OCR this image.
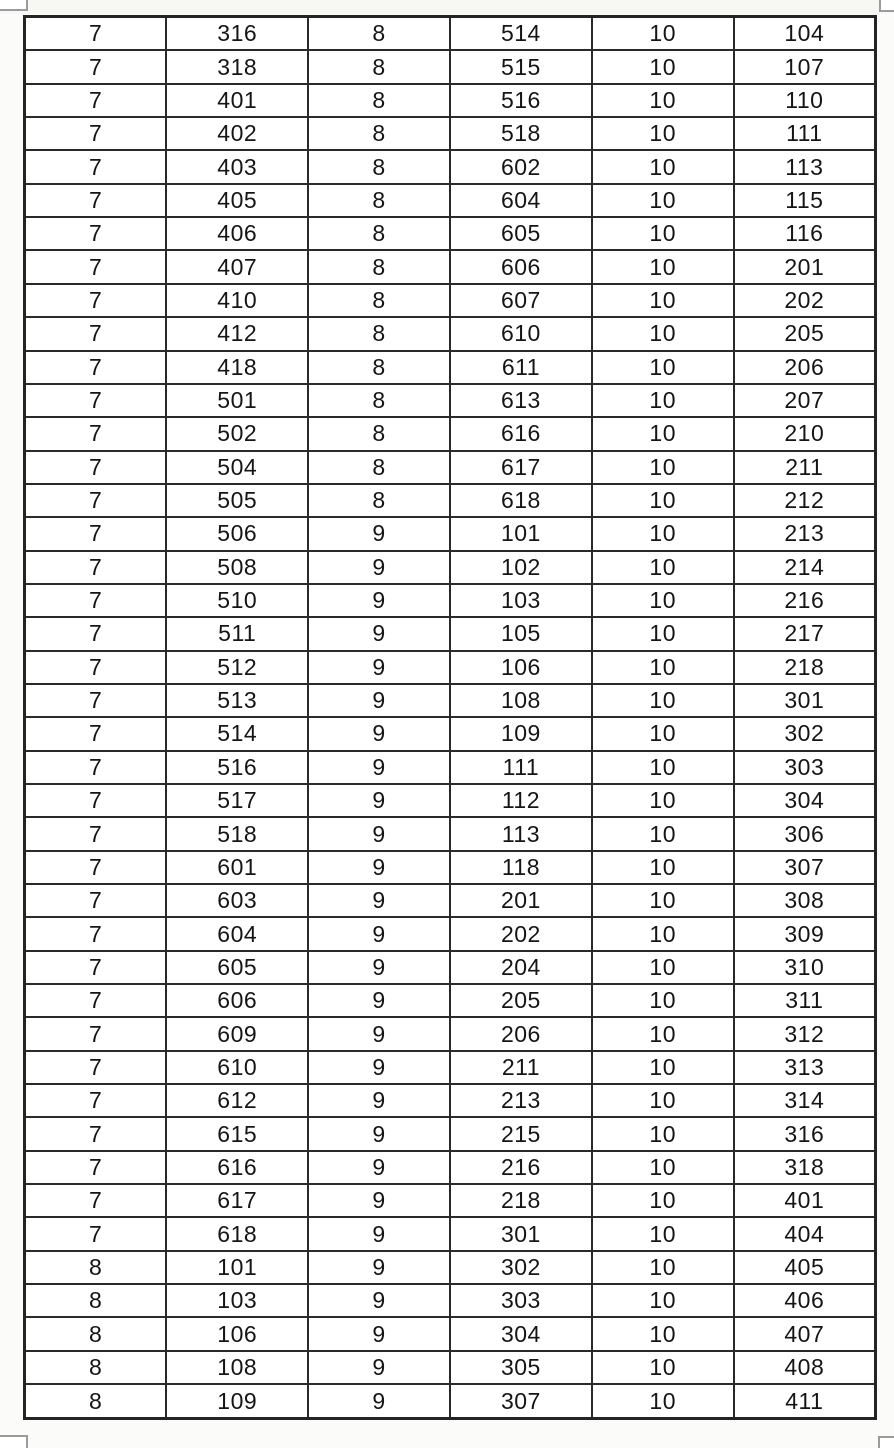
7	316	8	514	10	104
7	318	8	515	10	107
7	401	8	516	10	110
7	402	8	518	10	111
7	403	8	602	10	113
7	405	8	604	10	115
7	406	8	605	10	116
7	407	8	606	10	201
7	410	8	607	10	202
7	412	8	610	10	205
7	418	8	611	10	206
7	501	8	613	10	207
7	502	8	616	10	210
7	504	8	617	10	211
7	505	8	618	10	212
7	506	9	101	10	213
7	508	9	102	10	214
7	510	9	103	10	216
7	511	9	105	10	217
7	512	9	106	10	218
7	513	9	108	10	301
7	514	9	109	10	302
7	516	9	111	10	303
7	517	9	112	10	304
7	518	9	113	10	306
7	601	9	118	10	307
7	603	9	201	10	308
7	604	9	202	10	309
7	605	9	204	10	310
7	606	9	205	10	311
7	609	9	206	10	312
7	610	9	211	10	313
7	612	9	213	10	314
7	615	9	215	10	316
7	616	9	216	10	318
7	617	9	218	10	401
7	618	9	301	10	404
8	101	9	302	10	405
8	103	9	303	10	406
8	106	9	304	10	407
8	108	9	305	10	408
8	109	9	307	10	411
